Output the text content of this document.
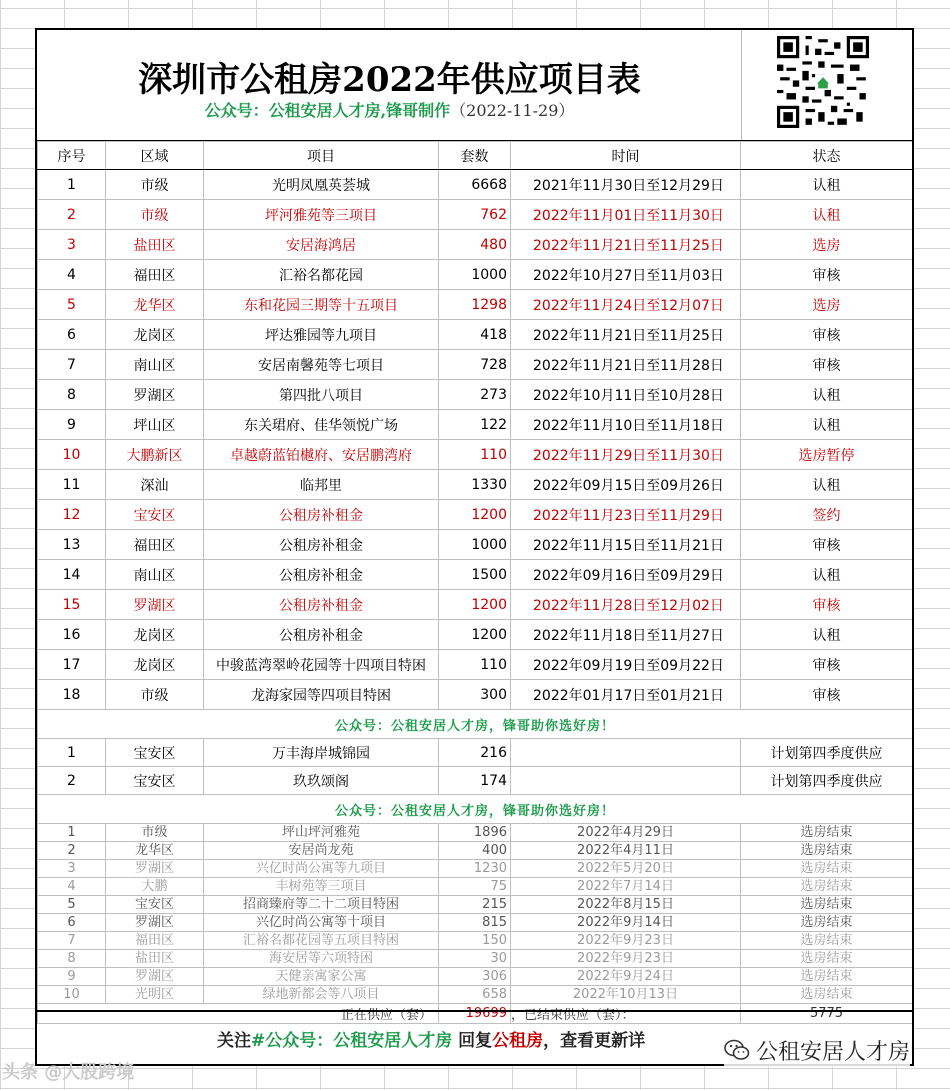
深圳市公租房2022年供应项目表
公众号：公租安居人才房,锋哥制作（2022-11-29）
序号	区域	项目	套数	时间	状态
1	市级	光明凤凰英荟城	6668	2021年11月30日至12月29日	认租
2	市级	坪河雅苑等三项目	762	2022年11月01日至11月30日	认租
3	盐田区	安居海鸿居	480	2022年11月21日至11月25日	选房
4	福田区	汇裕名都花园	1000	2022年10月27日至11月03日	审核
5	龙华区	东和花园三期等十五项目	1298	2022年11月24日至12月07日	选房
6	龙岗区	坪达雅园等九项目	418	2022年11月21日至11月25日	审核
7	南山区	安居南馨苑等七项目	728	2022年11月21日至11月28日	审核
8	罗湖区	第四批八项目	273	2022年10月11日至10月28日	认租
9	坪山区	东关珺府、佳华领悦广场	122	2022年11月10日至11月18日	认租
10	大鹏新区	卓越蔚蓝铂樾府、安居鹏湾府	110	2022年11月29日至11月30日	选房暂停
11	深汕	临邦里	1330	2022年09月15日至09月26日	认租
12	宝安区	公租房补租金	1200	2022年11月23日至11月29日	签约
13	福田区	公租房补租金	1000	2022年11月15日至11月21日	审核
14	南山区	公租房补租金	1500	2022年09月16日至09月29日	认租
15	罗湖区	公租房补租金	1200	2022年11月28日至12月02日	审核
16	龙岗区	公租房补租金	1200	2022年11月18日至11月27日	认租
17	龙岗区	中骏蓝湾翠岭花园等十四项目特困	110	2022年09月19日至09月22日	审核
18	市级	龙海家园等四项目特困	300	2022年01月17日至01月21日	审核
公众号：公租安居人才房，锋哥助你选好房！					
1	宝安区	万丰海岸城锦园	216		计划第四季度供应
2	宝安区	玖玖颂阁	174		计划第四季度供应
公众号：公租安居人才房，锋哥助你选好房！					
1	市级	坪山坪河雅苑	1896	2022年4月29日	选房结束
2	龙华区	安居尚龙苑	400	2022年4月11日	选房结束
3	罗湖区	兴亿时尚公寓等九项目	1230	2022年5月20日	选房结束
4	大鹏	丰树苑等三项目	75	2022年7月14日	选房结束
5	宝安区	招商臻府等二十二项目特困	215	2022年8月15日	选房结束
6	罗湖区	兴亿时尚公寓等十项目	815	2022年9月14日	选房结束
7	福田区	汇裕名都花园等五项目特困	150	2022年9月23日	选房结束
8	盐田区	海安居等六项特困	30	2022年9月23日	选房结束
9	罗湖区	天健亲寓家公寓	306	2022年9月24日	选房结束
10	光明区	绿地新都会等八项目	658	2022年10月13日	选房结束
正在供应（套）			19699	，已结束供应（套）：	5775
关注#公众号：公租安居人才房 回复公租房，查看更新详
头条 @大股跨境
公租安居人才房
